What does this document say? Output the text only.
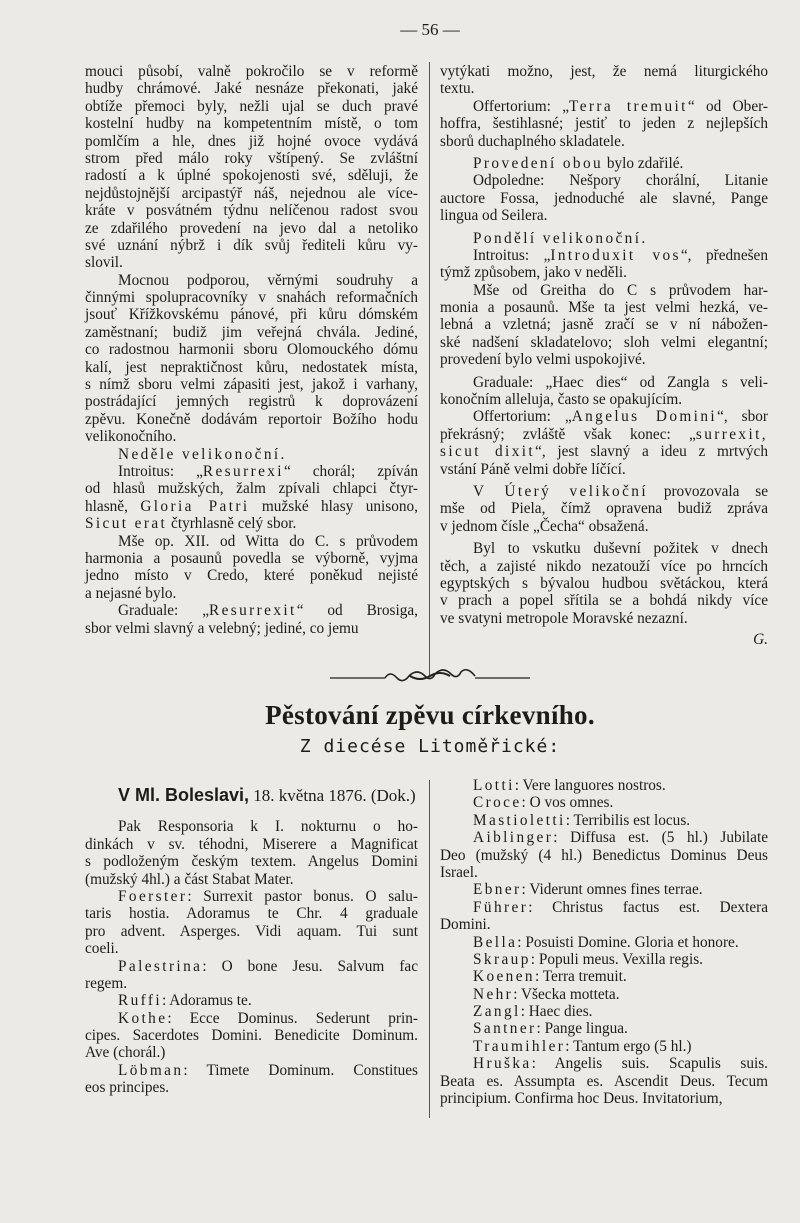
— 56 —
mouci působí, valně pokročilo se v reformě
hudby chrámové. Jaké nesnáze překonati, jaké
obtíže přemoci byly, nežli ujal se duch pravé
kostelní hudby na kompetentním místě, o tom
pomlčím a hle, dnes již hojné ovoce vydává
strom před málo roky vštípený. Se zvláštní
radostí a k úplné spokojenosti své, sděluji, že
nejdůstojnější arcipastýř náš, nejednou ale více-
kráte v posvátném týdnu nelíčenou radost svou
ze zdařilého provedení na jevo dal a netoliko
své uznání nýbrž i dík svůj řediteli kůru vy-
slovil.
Mocnou podporou, věrnými soudruhy a
činnými spolupracovníky v snahách reformačních
jsouť Křížkovskému pánové, při kůru dómském
zaměstnaní; budiž jim veřejná chvála. Jediné,
co radostnou harmonii sboru Olomouckého dómu
kalí, jest nepraktičnost kůru, nedostatek místa,
s nímž sboru velmi zápasiti jest, jakož i varhany,
postrádající jemných registrů k doprovázení
zpěvu. Konečně dodávám reportoir Božího hodu
velikonočního.
Neděle velikonoční.
Introitus: „Resurrexi“ chorál; zpíván
od hlasů mužských, žalm zpívali chlapci čtyr-
hlasně, Gloria Patri mužské hlasy unisono,
Sicut erat čtyrhlasně celý sbor.
Mše op. XII. od Witta do C. s průvodem
harmonia a posaunů povedla se výborně, vyjma
jedno místo v Credo, které poněkud nejisté
a nejasné bylo.
Graduale: „Resurrexit“ od Brosiga,
sbor velmi slavný a velebný; jediné, co jemu
vytýkati možno, jest, že nemá liturgického
textu.
Offertorium: „Terra tremuit“ od Ober-
hoffra, šestihlasné; jestiť to jeden z nejlepších
sborů duchaplného skladatele.
Provedení obou bylo zdařilé.
Odpoledne: Nešpory chorální, Litanie
auctore Fossa, jednoduché ale slavné, Pange
lingua od Seilera.
Pondělí velikonoční.
Introitus: „Introduxit vos“, přednešen
týmž způsobem, jako v neděli.
Mše od Greitha do C s průvodem har-
monia a posaunů. Mše ta jest velmi hezká, ve-
lebná a vzletná; jasně zračí se v ní nábožen-
ské nadšení skladatelovo; sloh velmi elegantní;
provedení bylo velmi uspokojivé.
Graduale: „Haec dies“ od Zangla s veli-
konočním alleluja, často se opakujícím.
Offertorium: „Angelus Domini“, sbor
překrásný; zvláště však konec: „surrexit,
sicut dixit“, jest slavný a ideu z mrtvých
vstání Páně velmi dobře líčící.
V Úterý velikoční provozovala se
mše od Piela, čímž opravena budiž zpráva
v jednom čísle „Čecha“ obsažená.
Byl to vskutku duševní požitek v dnech
těch, a zajisté nikdo nezatouží více po hrncích
egyptských s bývalou hudbou světáckou, která
v prach a popel sřítila se a bohdá nikdy více
ve svatyni metropole Moravské nezazní.
G.
Pěstování zpěvu církevního.
Z diecése Litoměřické:
V Ml. Boleslavi, 18. května 1876. (Dok.)
Pak Responsoria k I. nokturnu o ho-
dinkách v sv. téhodni, Miserere a Magnificat
s podloženým českým textem. Angelus Domini
(mužský 4hl.) a část Stabat Mater.
Foerster: Surrexit pastor bonus. O salu-
taris hostia. Adoramus te Chr. 4 graduale
pro advent. Asperges. Vidi aquam. Tui sunt
coeli.
Palestrina: O bone Jesu. Salvum fac
regem.
Ruffi: Adoramus te.
Kothe: Ecce Dominus. Sederunt prin-
cipes. Sacerdotes Domini. Benedicite Dominum.
Ave (chorál.)
Löbman: Timete Dominum. Constitues
eos principes.
Lotti: Vere languores nostros.
Croce: O vos omnes.
Mastioletti: Terribilis est locus.
Aiblinger: Diffusa est. (5 hl.) Jubilate
Deo (mužský (4 hl.) Benedictus Dominus Deus
Israel.
Ebner: Viderunt omnes fines terrae.
Führer: Christus factus est. Dextera
Domini.
Bella: Posuisti Domine. Gloria et honore.
Skraup: Populi meus. Vexilla regis.
Koenen: Terra tremuit.
Nehr: Všecka motteta.
Zangl: Haec dies.
Santner: Pange lingua.
Traumihler: Tantum ergo (5 hl.)
Hruška: Angelis suis. Scapulis suis.
Beata es. Assumpta es. Ascendit Deus. Tecum
principium. Confirma hoc Deus. Invitatorium,
